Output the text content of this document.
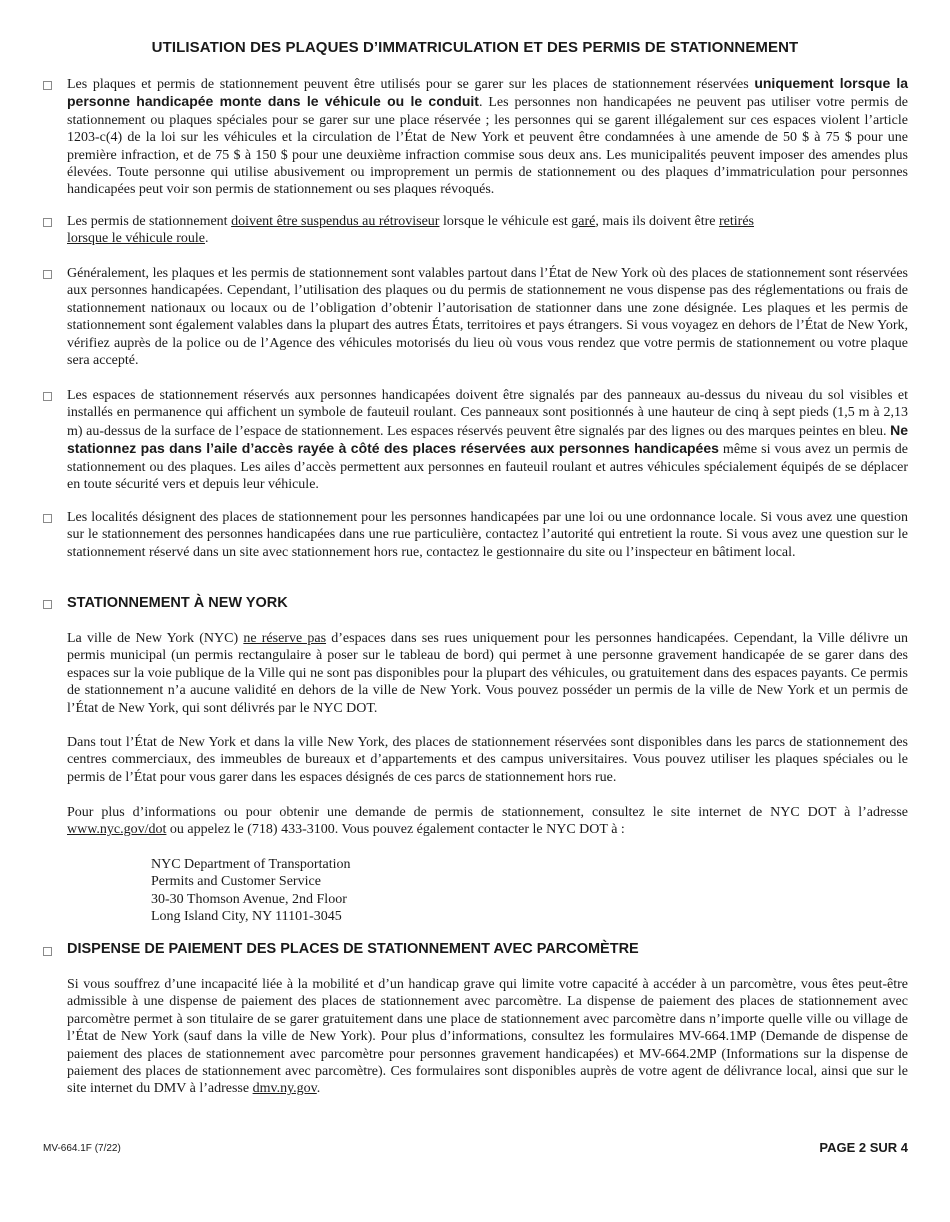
UTILISATION DES PLAQUES D’IMMATRICULATION ET DES PERMIS DE STATIONNEMENT

Les plaques et permis de stationnement peuvent être utilisés pour se garer sur les places de stationnement réservées uniquement lorsque la personne handicapée monte dans le véhicule ou le conduit. Les personnes non handicapées ne peuvent pas utiliser votre permis de stationnement ou plaques spéciales pour se garer sur une place réservée ; les personnes qui se garent illégalement sur ces espaces violent l’article 1203-c(4) de la loi sur les véhicules et la circulation de l’État de New York et peuvent être condamnées à une amende de 50 $ à 75 $ pour une première infraction, et de 75 $ à 150 $ pour une deuxième infraction commise sous deux ans. Les municipalités peuvent imposer des amendes plus élevées. Toute personne qui utilise abusivement ou improprement un permis de stationnement ou des plaques d’immatriculation pour personnes handicapées peut voir son permis de stationnement ou ses plaques révoqués.

Les permis de stationnement doivent être suspendus au rétroviseur lorsque le véhicule est garé, mais ils doivent être retirés
lorsque le véhicule roule.

Généralement, les plaques et les permis de stationnement sont valables partout dans l’État de New York où des places de stationnement sont réservées aux personnes handicapées. Cependant, l’utilisation des plaques ou du permis de stationnement ne vous dispense pas des réglementations ou frais de stationnement nationaux ou locaux ou de l’obligation d’obtenir l’autorisation de stationner dans une zone désignée. Les plaques et les permis de stationnement sont également valables dans la plupart des autres États, territoires et pays étrangers. Si vous voyagez en dehors de l’État de New York, vérifiez auprès de la police ou de l’Agence des véhicules motorisés du lieu où vous vous rendez que votre permis de stationnement ou votre plaque sera accepté.

Les espaces de stationnement réservés aux personnes handicapées doivent être signalés par des panneaux au-dessus du niveau du sol visibles et installés en permanence qui affichent un symbole de fauteuil roulant. Ces panneaux sont positionnés à une hauteur de cinq à sept pieds (1,5 m à 2,13 m) au-dessus de la surface de l’espace de stationnement. Les espaces réservés peuvent être signalés par des lignes ou des marques peintes en bleu. Ne stationnez pas dans l’aile d’accès rayée à côté des places réservées aux personnes handicapées même si vous avez un permis de stationnement ou des plaques. Les ailes d’accès permettent aux personnes en fauteuil roulant et autres véhicules spécialement équipés de se déplacer en toute sécurité vers et depuis leur véhicule.

Les localités désignent des places de stationnement pour les personnes handicapées par une loi ou une ordonnance locale. Si vous avez une question sur le stationnement des personnes handicapées dans une rue particulière, contactez l’autorité qui entretient la route. Si vous avez une question sur le stationnement réservé dans un site avec stationnement hors rue, contactez le gestionnaire du site ou l’inspecteur en bâtiment local.

STATIONNEMENT À NEW YORK

La ville de New York (NYC) ne réserve pas d’espaces dans ses rues uniquement pour les personnes handicapées. Cependant, la Ville délivre un permis municipal (un permis rectangulaire à poser sur le tableau de bord) qui permet à une personne gravement handicapée de se garer dans des espaces sur la voie publique de la Ville qui ne sont pas disponibles pour la plupart des véhicules, ou gratuitement dans des espaces payants. Ce permis de stationnement n’a aucune validité en dehors de la ville de New York. Vous pouvez posséder un permis de la ville de New York et un permis de l’État de New York, qui sont délivrés par le NYC DOT.

Dans tout l’État de New York et dans la ville New York, des places de stationnement réservées sont disponibles dans les parcs de stationnement des centres commerciaux, des immeubles de bureaux et d’appartements et des campus universitaires. Vous pouvez utiliser les plaques spéciales ou le permis de l’État pour vous garer dans les espaces désignés de ces parcs de stationnement hors rue.

Pour plus d’informations ou pour obtenir une demande de permis de stationnement, consultez le site internet de NYC DOT à l’adresse www.nyc.gov/dot ou appelez le (718) 433-3100. Vous pouvez également contacter le NYC DOT à :

NYC Department of Transportation
Permits and Customer Service
30-30 Thomson Avenue, 2nd Floor
Long Island City, NY 11101-3045

DISPENSE DE PAIEMENT DES PLACES DE STATIONNEMENT AVEC PARCOMÈTRE

Si vous souffrez d’une incapacité liée à la mobilité et d’un handicap grave qui limite votre capacité à accéder à un parcomètre, vous êtes peut-être admissible à une dispense de paiement des places de stationnement avec parcomètre. La dispense de paiement des places de stationnement avec parcomètre permet à son titulaire de se garer gratuitement dans une place de stationnement avec parcomètre dans n’importe quelle ville ou village de l’État de New York (sauf dans la ville de New York). Pour plus d’informations, consultez les formulaires MV-664.1MP (Demande de dispense de paiement des places de stationnement avec parcomètre pour personnes gravement handicapées) et MV-664.2MP (Informations sur la dispense de paiement des places de stationnement avec parcomètre). Ces formulaires sont disponibles auprès de votre agent de délivrance local, ainsi que sur le site internet du DMV à l’adresse dmv.ny.gov.

MV-664.1F (7/22)	PAGE 2 SUR 4
